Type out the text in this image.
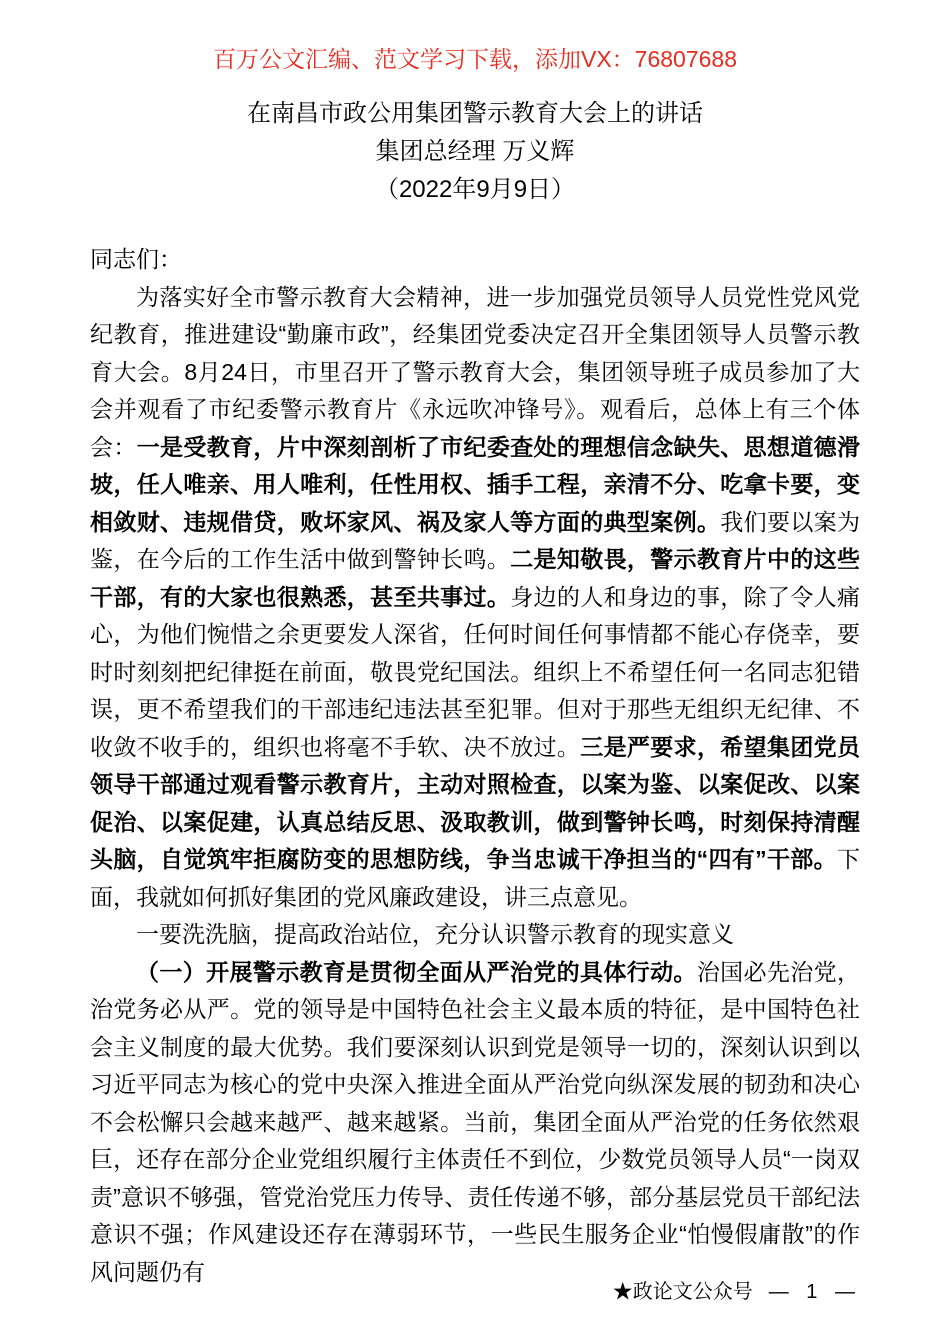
百万公文汇编、范文学习下载，添加VX：76807688
在南昌市政公用集团警示教育大会上的讲话
集团总经理 万义辉
（2022年9月9日）

同志们：

为落实好全市警示教育大会精神，进一步加强党员领导人员党性党风党纪教育，推进建设“勤廉市政”，经集团党委决定召开全集团领导人员警示教育大会。8月24日，市里召开了警示教育大会，集团领导班子成员参加了大会并观看了市纪委警示教育片《永远吹冲锋号》。观看后，总体上有三个体会：一是受教育，片中深刻剖析了市纪委查处的理想信念缺失、思想道德滑坡，任人唯亲、用人唯利，任性用权、插手工程，亲清不分、吃拿卡要，变相敛财、违规借贷，败坏家风、祸及家人等方面的典型案例。我们要以案为鉴，在今后的工作生活中做到警钟长鸣。二是知敬畏，警示教育片中的这些干部，有的大家也很熟悉，甚至共事过。身边的人和身边的事，除了令人痛心，为他们惋惜之余更要发人深省，任何时间任何事情都不能心存侥幸，要时时刻刻把纪律挺在前面，敬畏党纪国法。组织上不希望任何一名同志犯错误，更不希望我们的干部违纪违法甚至犯罪。但对于那些无组织无纪律、不收敛不收手的，组织也将毫不手软、决不放过。三是严要求，希望集团党员领导干部通过观看警示教育片，主动对照检查，以案为鉴、以案促改、以案促治、以案促建，认真总结反思、汲取教训，做到警钟长鸣，时刻保持清醒头脑，自觉筑牢拒腐防变的思想防线，争当忠诚干净担当的“四有”干部。下面，我就如何抓好集团的党风廉政建设，讲三点意见。

一要洗洗脑，提高政治站位，充分认识警示教育的现实意义

（一）开展警示教育是贯彻全面从严治党的具体行动。治国必先治党，治党务必从严。党的领导是中国特色社会主义最本质的特征，是中国特色社会主义制度的最大优势。我们要深刻认识到党是领导一切的，深刻认识到以习近平同志为核心的党中央深入推进全面从严治党向纵深发展的韧劲和决心不会松懈只会越来越严、越来越紧。当前，集团全面从严治党的任务依然艰巨，还存在部分企业党组织履行主体责任不到位，少数党员领导人员“一岗双责”意识不够强，管党治党压力传导、责任传递不够，部分基层党员干部纪法意识不强；作风建设还存在薄弱环节，一些民生服务企业“怕慢假庸散”的作风问题仍有

★政论文公众号 — 1 —
